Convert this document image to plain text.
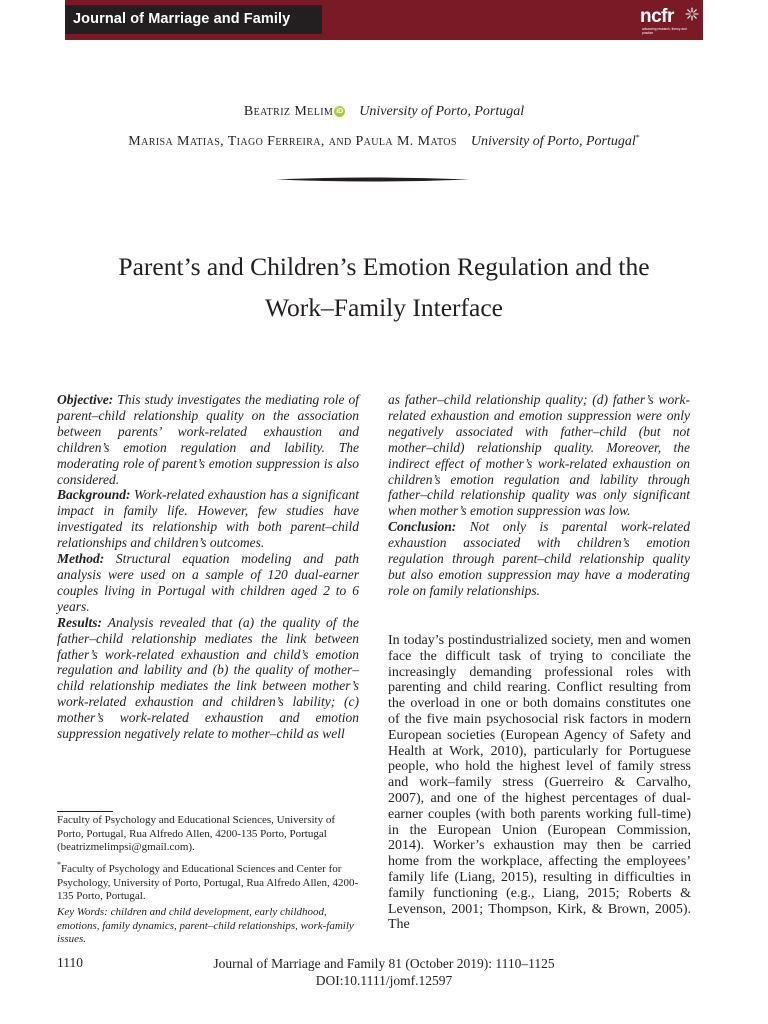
Journal of Marriage and Family	ncfr
advancing research, theory and practice
Beatriz Melim iD University of Porto, Portugal
Marisa Matias, Tiago Ferreira, and Paula M. Matos University of Porto, Portugal*
Parent’s and Children’s Emotion Regulation and the
Work–Family Interface

Objective: This study investigates the mediating role of parent–child relationship quality on the association between parents’ work-related exhaustion and children’s emotion regulation and lability. The moderating role of parent’s emotion suppression is also considered.

Background: Work-related exhaustion has a significant impact in family life. However, few studies have investigated its relationship with both parent–child relationships and children’s outcomes.

Method: Structural equation modeling and path analysis were used on a sample of 120 dual-earner couples living in Portugal with children aged 2 to 6 years.

Results: Analysis revealed that (a) the quality of the father–child relationship mediates the link between father’s work-related exhaustion and child’s emotion regulation and lability and (b) the quality of mother–child relationship mediates the link between mother’s work-related exhaustion and children’s lability; (c) mother’s work-related exhaustion and emotion suppression negatively relate to mother–child as well

as father–child relationship quality; (d) father’s work-related exhaustion and emotion suppression were only negatively associated with father–child (but not mother–child) relationship quality. Moreover, the indirect effect of mother’s work-related exhaustion on children’s emotion regulation and lability through father–child relationship quality was only significant when mother’s emotion suppression was low.

Conclusion: Not only is parental work-related exhaustion associated with children’s emotion regulation through parent–child relationship quality but also emotion suppression may have a moderating role on family relationships.

In today’s postindustrialized society, men and women face the difficult task of trying to conciliate the increasingly demanding professional roles with parenting and child rearing. Conflict resulting from the overload in one or both domains constitutes one of the five main psychosocial risk factors in modern European societies (European Agency of Safety and Health at Work, 2010), particularly for Portuguese people, who hold the highest level of family stress and work–family stress (Guerreiro & Carvalho, 2007), and one of the highest percentages of dual-earner couples (with both parents working full-time) in the European Union (European Commission, 2014). Worker’s exhaustion may then be carried home from the workplace, affecting the employees’ family life (Liang, 2015), resulting in difficulties in family functioning (e.g., Liang, 2015; Roberts & Levenson, 2001; Thompson, Kirk, & Brown, 2005). The

Faculty of Psychology and Educational Sciences, University of Porto, Portugal, Rua Alfredo Allen, 4200-135 Porto, Portugal (beatrizmelimpsi@gmail.com).

*Faculty of Psychology and Educational Sciences and Center for Psychology, University of Porto, Portugal, Rua Alfredo Allen, 4200-135 Porto, Portugal.

Key Words: children and child development, early childhood, emotions, family dynamics, parent–child relationships, work-family issues.

1110	Journal of Marriage and Family 81 (October 2019): 1110–1125
DOI:10.1111/jomf.12597
